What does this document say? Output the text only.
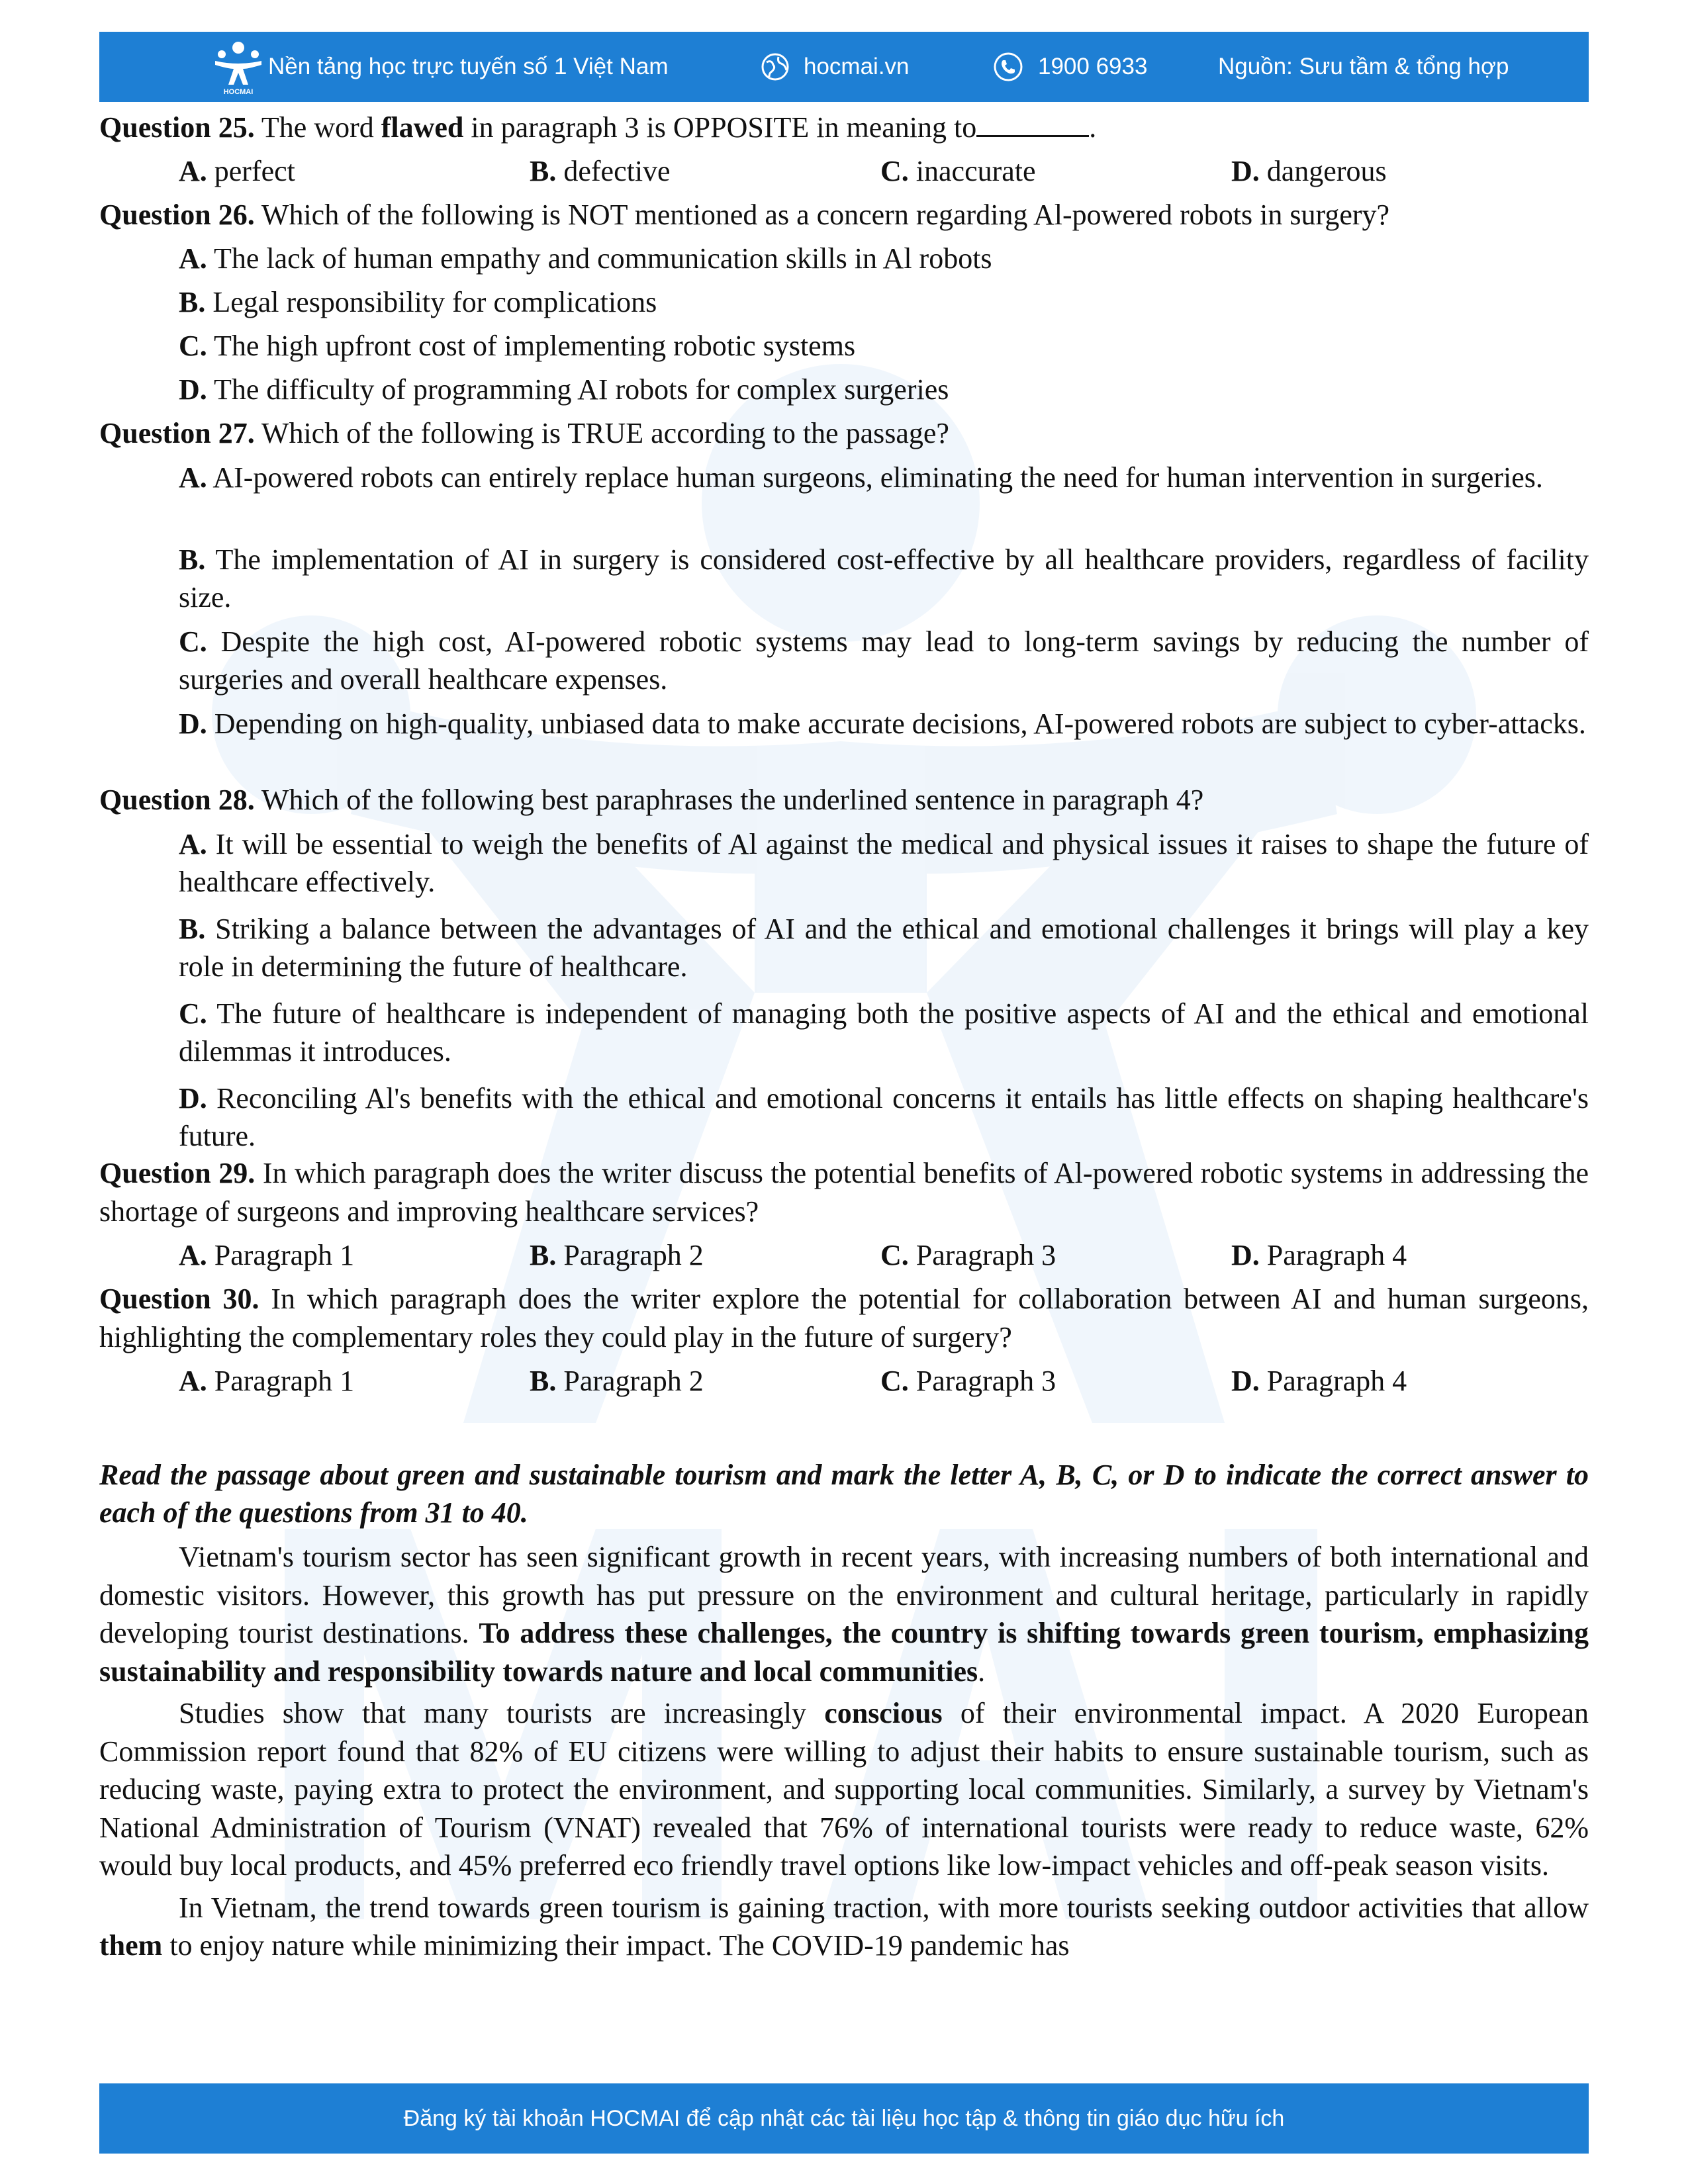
HOCMAI
Nền tảng học trực tuyến số 1 Việt Nam	hocmai.vn	1900 6933	Nguồn: Sưu tầm & tổng hợp
Question 25. The word flawed in paragraph 3 is OPPOSITE in meaning to	.
A. perfect	B. defective	C. inaccurate	D. dangerous
Question 26. Which of the following is NOT mentioned as a concern regarding Al-powered robots in surgery?
A. The lack of human empathy and communication skills in Al robots
B. Legal responsibility for complications
C. The high upfront cost of implementing robotic systems
D. The difficulty of programming AI robots for complex surgeries
Question 27. Which of the following is TRUE according to the passage?
A. AI-powered robots can entirely replace human surgeons, eliminating the need for human intervention in surgeries.
B. The implementation of AI in surgery is considered cost-effective by all healthcare providers, regardless of facility size.
C. Despite the high cost, AI-powered robotic systems may lead to long-term savings by reducing the number of surgeries and overall healthcare expenses.
D. Depending on high-quality, unbiased data to make accurate decisions, AI-powered robots are subject to cyber-attacks.
Question 28. Which of the following best paraphrases the underlined sentence in paragraph 4?
A. It will be essential to weigh the benefits of Al against the medical and physical issues it raises to shape the future of healthcare effectively.
B. Striking a balance between the advantages of AI and the ethical and emotional challenges it brings will play a key role in determining the future of healthcare.
C. The future of healthcare is independent of managing both the positive aspects of AI and the ethical and emotional dilemmas it introduces.
D. Reconciling Al's benefits with the ethical and emotional concerns it entails has little effects on shaping healthcare's future.
Question 29. In which paragraph does the writer discuss the potential benefits of Al-powered robotic systems in addressing the shortage of surgeons and improving healthcare services?
A. Paragraph 1	B. Paragraph 2	C. Paragraph 3	D. Paragraph 4
Question 30. In which paragraph does the writer explore the potential for collaboration between AI and human surgeons, highlighting the complementary roles they could play in the future of surgery?
A. Paragraph 1	B. Paragraph 2	C. Paragraph 3	D. Paragraph 4
Read the passage about green and sustainable tourism and mark the letter A, B, C, or D to indicate the correct answer to each of the questions from 31 to 40.
Vietnam's tourism sector has seen significant growth in recent years, with increasing numbers of both international and domestic visitors. However, this growth has put pressure on the environment and cultural heritage, particularly in rapidly developing tourist destinations. To address these challenges, the country is shifting towards green tourism, emphasizing sustainability and responsibility towards nature and local communities.
Studies show that many tourists are increasingly conscious of their environmental impact. A 2020 European Commission report found that 82% of EU citizens were willing to adjust their habits to ensure sustainable tourism, such as reducing waste, paying extra to protect the environment, and supporting local communities. Similarly, a survey by Vietnam's National Administration of Tourism (VNAT) revealed that 76% of international tourists were ready to reduce waste, 62% would buy local products, and 45% preferred eco friendly travel options like low-impact vehicles and off-peak season visits.
In Vietnam, the trend towards green tourism is gaining traction, with more tourists seeking outdoor activities that allow them to enjoy nature while minimizing their impact. The COVID-19 pandemic has
Đăng ký tài khoản HOCMAI để cập nhật các tài liệu học tập & thông tin giáo dục hữu ích
